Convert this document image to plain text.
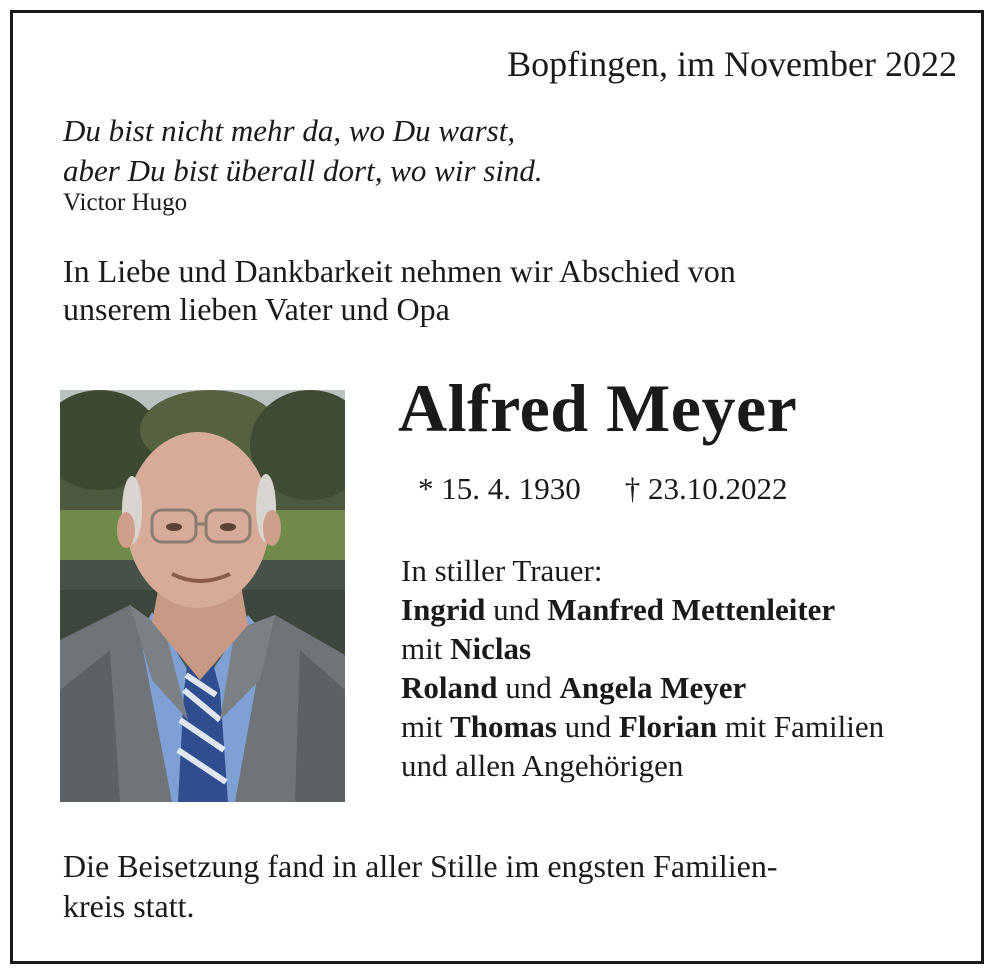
Bopfingen, im November 2022
Du bist nicht mehr da, wo Du warst,
aber Du bist überall dort, wo wir sind.
Victor Hugo
In Liebe und Dankbarkeit nehmen wir Abschied von
unserem lieben Vater und Opa
Alfred Meyer
* 15. 4. 1930 † 23.10.2022
In stiller Trauer:
Ingrid und Manfred Mettenleiter
mit Niclas
Roland und Angela Meyer
mit Thomas und Florian mit Familien
und allen Angehörigen
Die Beisetzung fand in aller Stille im engsten Familien-
kreis statt.
